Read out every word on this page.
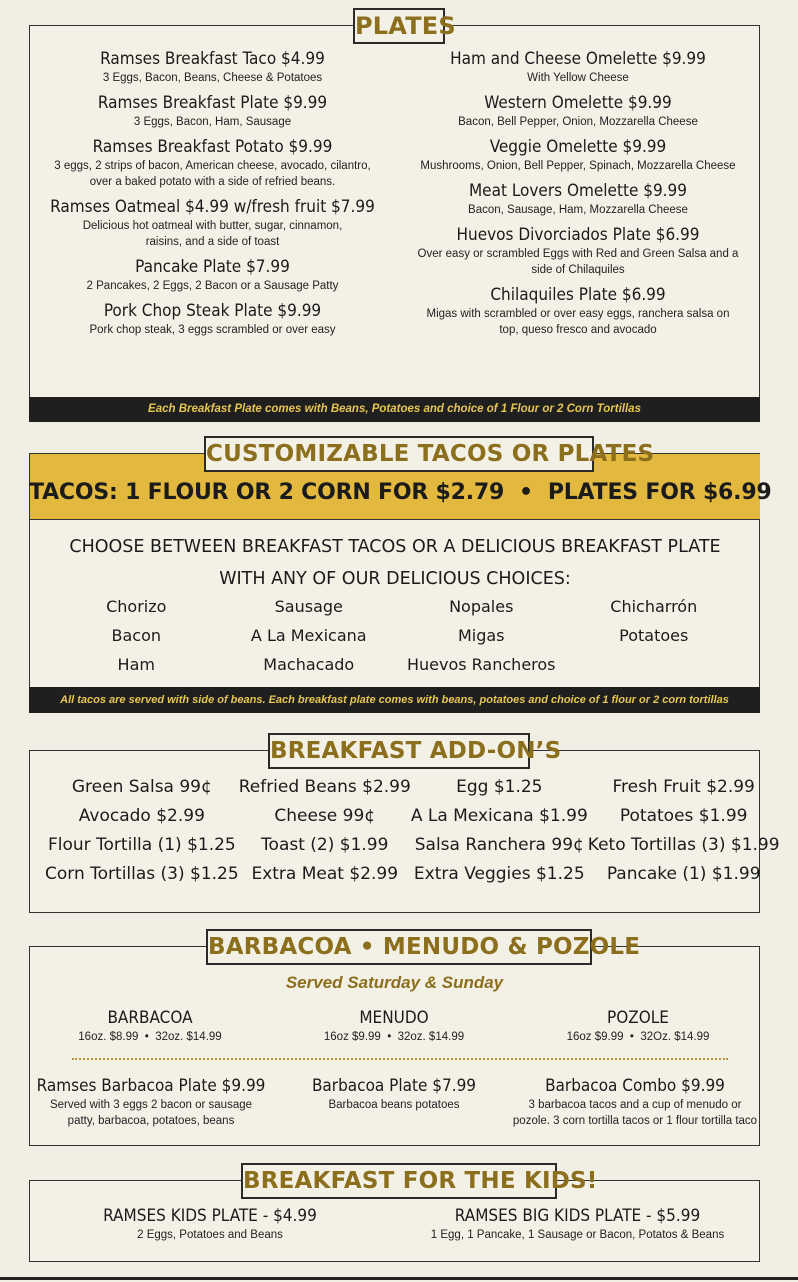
PLATES
Ramses Breakfast Taco $4.99
3 Eggs, Bacon, Beans, Cheese & Potatoes
Ramses Breakfast Plate $9.99
3 Eggs, Bacon, Ham, Sausage
Ramses Breakfast Potato $9.99
3 eggs, 2 strips of bacon, American cheese, avocado, cilantro, over a baked potato with a side of refried beans.
Ramses Oatmeal $4.99 w/fresh fruit $7.99
Delicious hot oatmeal with butter, sugar, cinnamon, raisins, and a side of toast
Pancake Plate $7.99
2 Pancakes, 2 Eggs, 2 Bacon or a Sausage Patty
Pork Chop Steak Plate $9.99
Pork chop steak, 3 eggs scrambled or over easy
Ham and Cheese Omelette $9.99
With Yellow Cheese
Western Omelette $9.99
Bacon, Bell Pepper, Onion, Mozzarella Cheese
Veggie Omelette $9.99
Mushrooms, Onion, Bell Pepper, Spinach, Mozzarella Cheese
Meat Lovers Omelette $9.99
Bacon, Sausage, Ham, Mozzarella Cheese
Huevos Divorciados Plate $6.99
Over easy or scrambled Eggs with Red and Green Salsa and a side of Chilaquiles
Chilaquiles Plate $6.99
Migas with scrambled or over easy eggs, ranchera salsa on top, queso fresco and avocado
Each Breakfast Plate comes with Beans, Potatoes and choice of 1 Flour or 2 Corn Tortillas
CUSTOMIZABLE TACOS OR PLATES
TACOS: 1 FLOUR OR 2 CORN FOR $2.79  •  PLATES FOR $6.99
CHOOSE BETWEEN BREAKFAST TACOS OR A DELICIOUS BREAKFAST PLATE WITH ANY OF OUR DELICIOUS CHOICES:
Chorizo	Sausage	Nopales	Chicharrón
Bacon	A La Mexicana	Migas	Potatoes
Ham	Machacado	Huevos Rancheros
All tacos are served with side of beans. Each breakfast plate comes with beans, potatoes and choice of 1 flour or 2 corn tortillas
BREAKFAST ADD-ON’S
Green Salsa 99¢	Refried Beans $2.99	Egg $1.25	Fresh Fruit $2.99
Avocado $2.99	Cheese 99¢	A La Mexicana $1.99	Potatoes $1.99
Flour Tortilla (1) $1.25	Toast (2) $1.99	Salsa Ranchera 99¢ Keto Tortillas (3) $1.99
Corn Tortillas (3) $1.25 Extra Meat $2.99 Extra Veggies $1.25	Pancake (1) $1.99
BARBACOA • MENUDO & POZOLE
Served Saturday & Sunday
BARBACOA
16oz. $8.99  •  32oz. $14.99
MENUDO
16oz $9.99  •  32oz. $14.99
POZOLE
16oz $9.99  •  32Oz. $14.99
Ramses Barbacoa Plate $9.99
Served with 3 eggs 2 bacon or sausage patty, barbacoa, potatoes, beans
Barbacoa Plate $7.99
Barbacoa beans potatoes
Barbacoa Combo $9.99
3 barbacoa tacos and a cup of menudo or pozole. 3 corn tortilla tacos or 1 flour tortilla taco
BREAKFAST FOR THE KIDS!
RAMSES KIDS PLATE - $4.99
2 Eggs, Potatoes and Beans
RAMSES BIG KIDS PLATE - $5.99
1 Egg, 1 Pancake, 1 Sausage or Bacon, Potatos & Beans
